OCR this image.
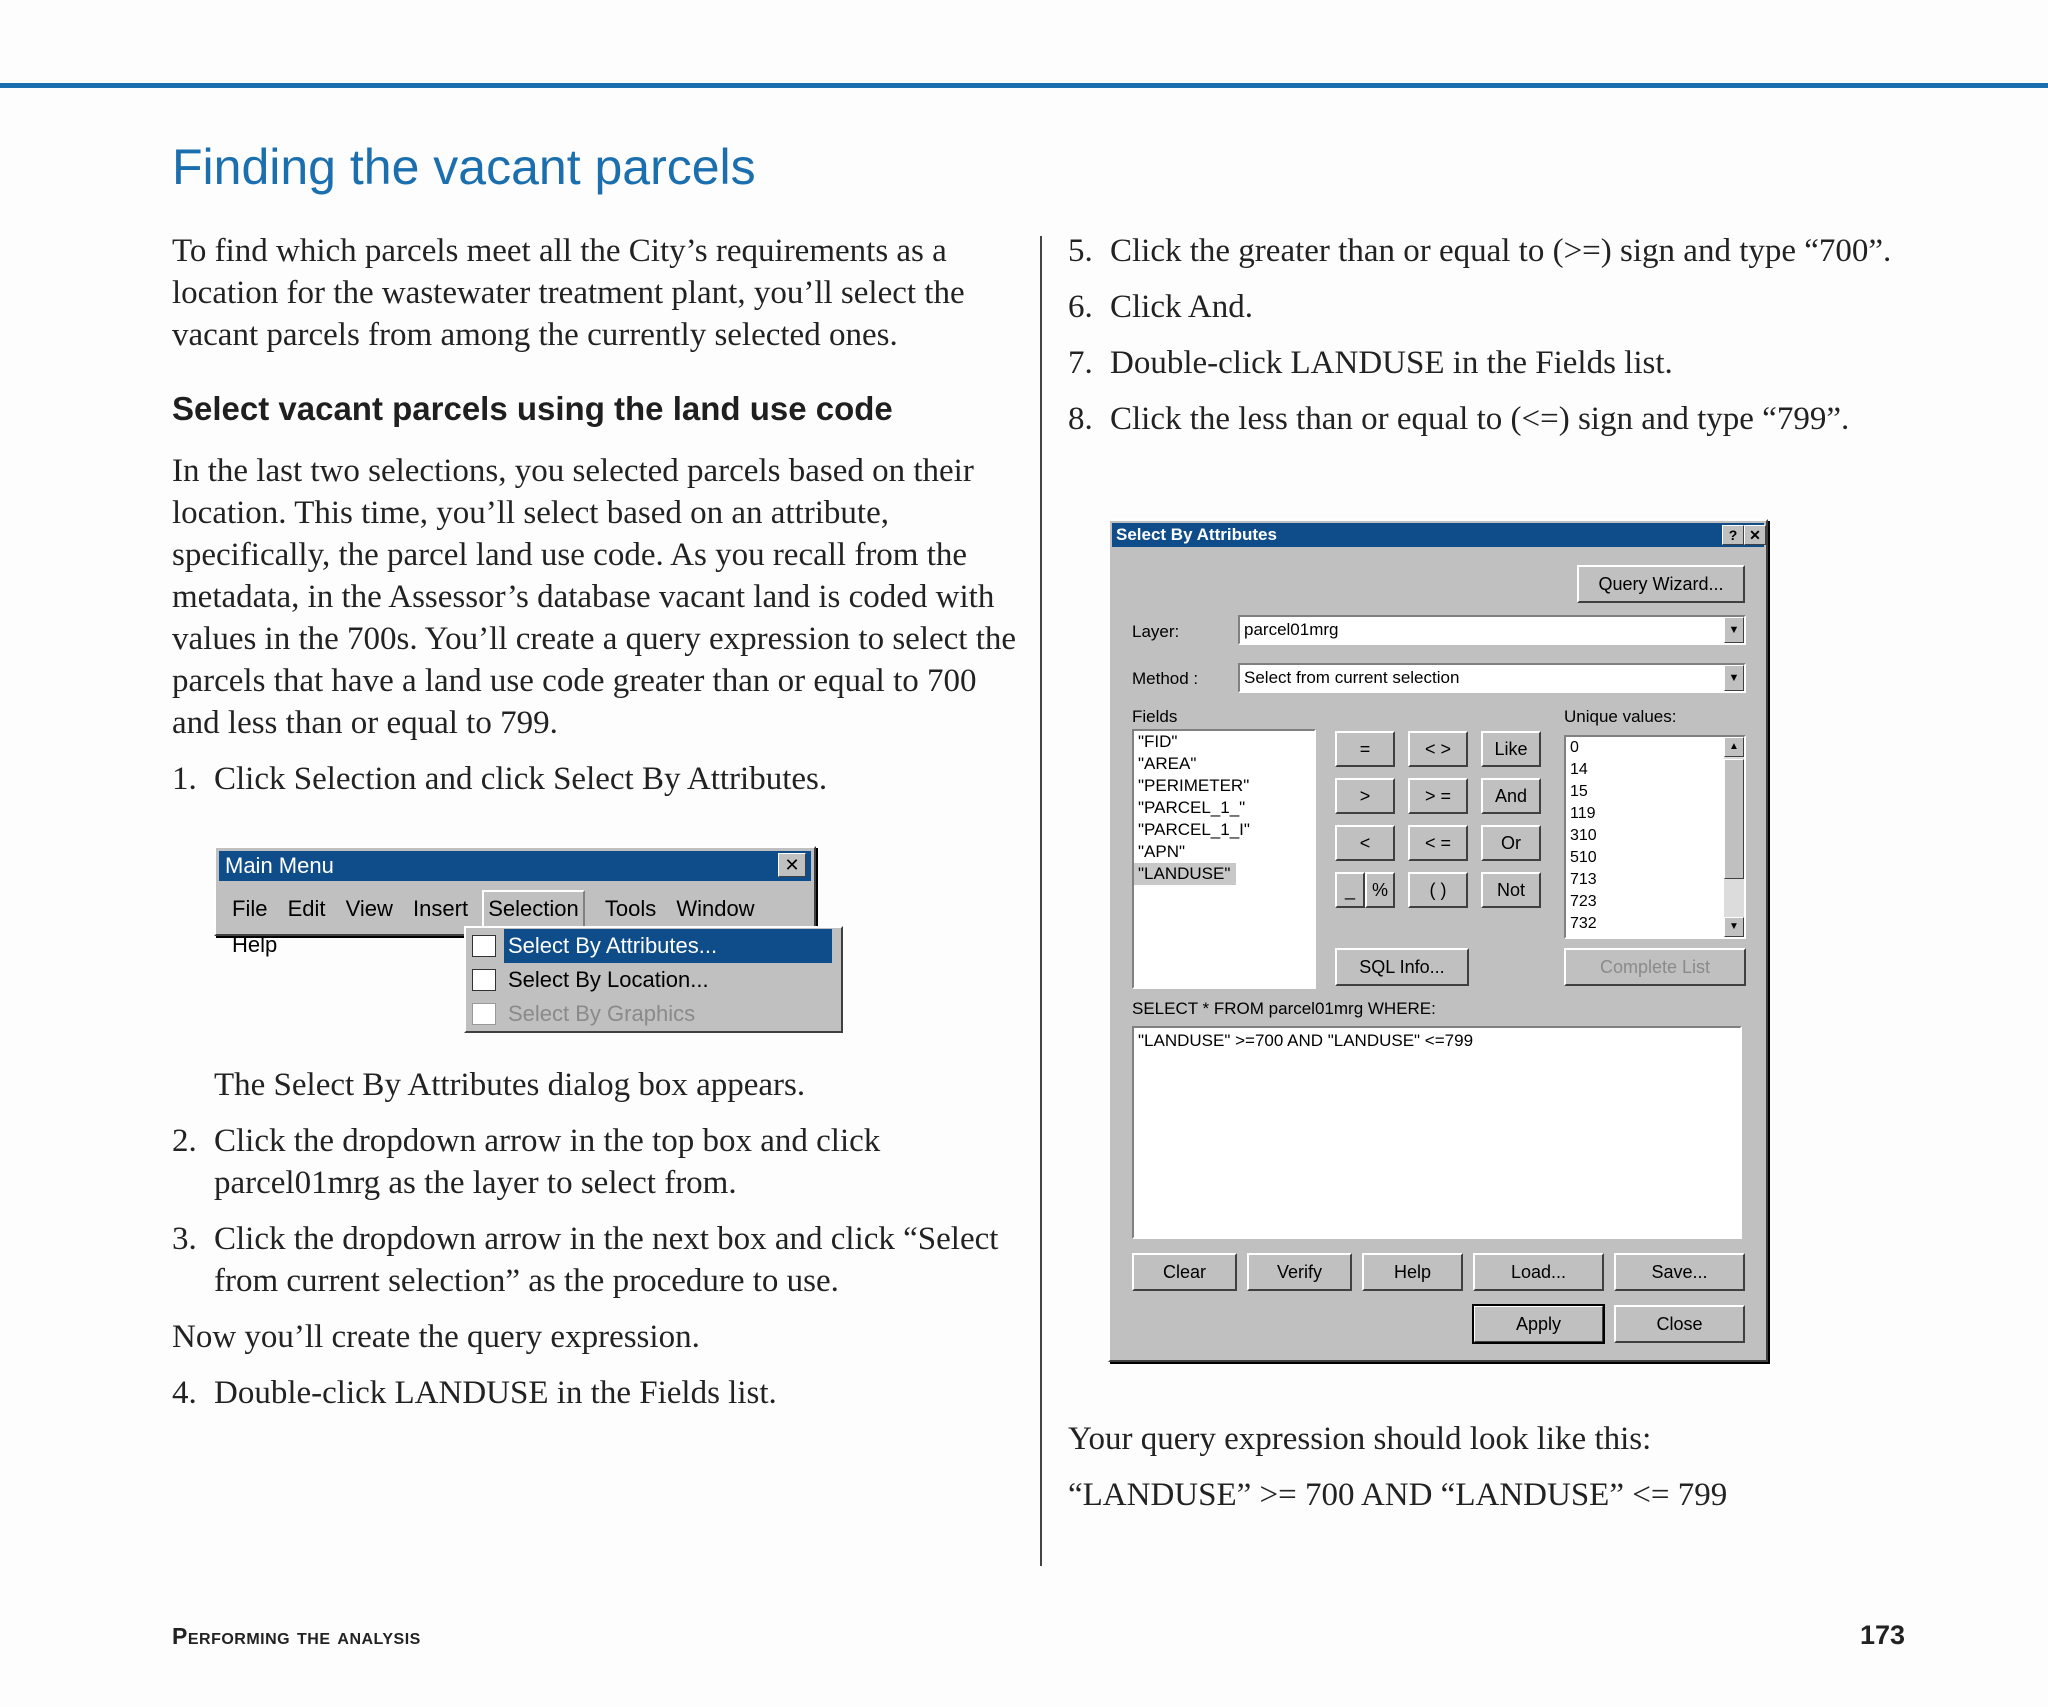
Finding the vacant parcels

To find which parcels meet all the City’s requirements as a location for the wastewater treatment plant, you’ll select the vacant parcels from among the currently selected ones.

Select vacant parcels using the land use code

In the last two selections, you selected parcels based on their location. This time, you’ll select based on an attribute, specifically, the parcel land use code. As you recall from the metadata, in the Assessor’s database vacant land is coded with values in the 700s. You’ll create a query expression to select the parcels that have a land use code greater than or equal to 700 and less than or equal to 799.

1. Click Selection and click Select By Attributes.

The Select By Attributes dialog box appears.

2. Click the dropdown arrow in the top box and click parcel01mrg as the layer to select from.
3. Click the dropdown arrow in the next box and click “Select from current selection” as the procedure to use.

Now you’ll create the query expression.

4. Double-click LANDUSE in the Fields list.
Main Menu	✕
File Edit View Insert Selection Tools Window Help	Select By Attributes...
Select By Location...
Select By Graphics
5. Click the greater than or equal to (>=) sign and type “700”.
6. Click And.
7. Double-click LANDUSE in the Fields list.
8. Click the less than or equal to (<=) sign and type “799”.
Select By Attributes	? ✕
Query Wizard...
Layer:	parcel01mrg	▼
Method :	Select from current selection	▼
Fields
"FID"
"AREA"
"PERIMETER"
"PARCEL_1_"
"PARCEL_1_I"
"APN"
"LANDUSE"
=	< >	Like
>	> =	And
<	< =	Or
_ %	( )	Not
SQL Info...
Unique values:
0
14
15
119
310
510
713
723
732
▲
▼
Complete List
SELECT * FROM parcel01mrg WHERE:
"LANDUSE" >=700 AND "LANDUSE" <=799
Clear	Verify	Help	Load...	Save...
Apply	Close

Your query expression should look like this:

“LANDUSE” >= 700 AND “LANDUSE” <= 799

Performing the analysis	173
